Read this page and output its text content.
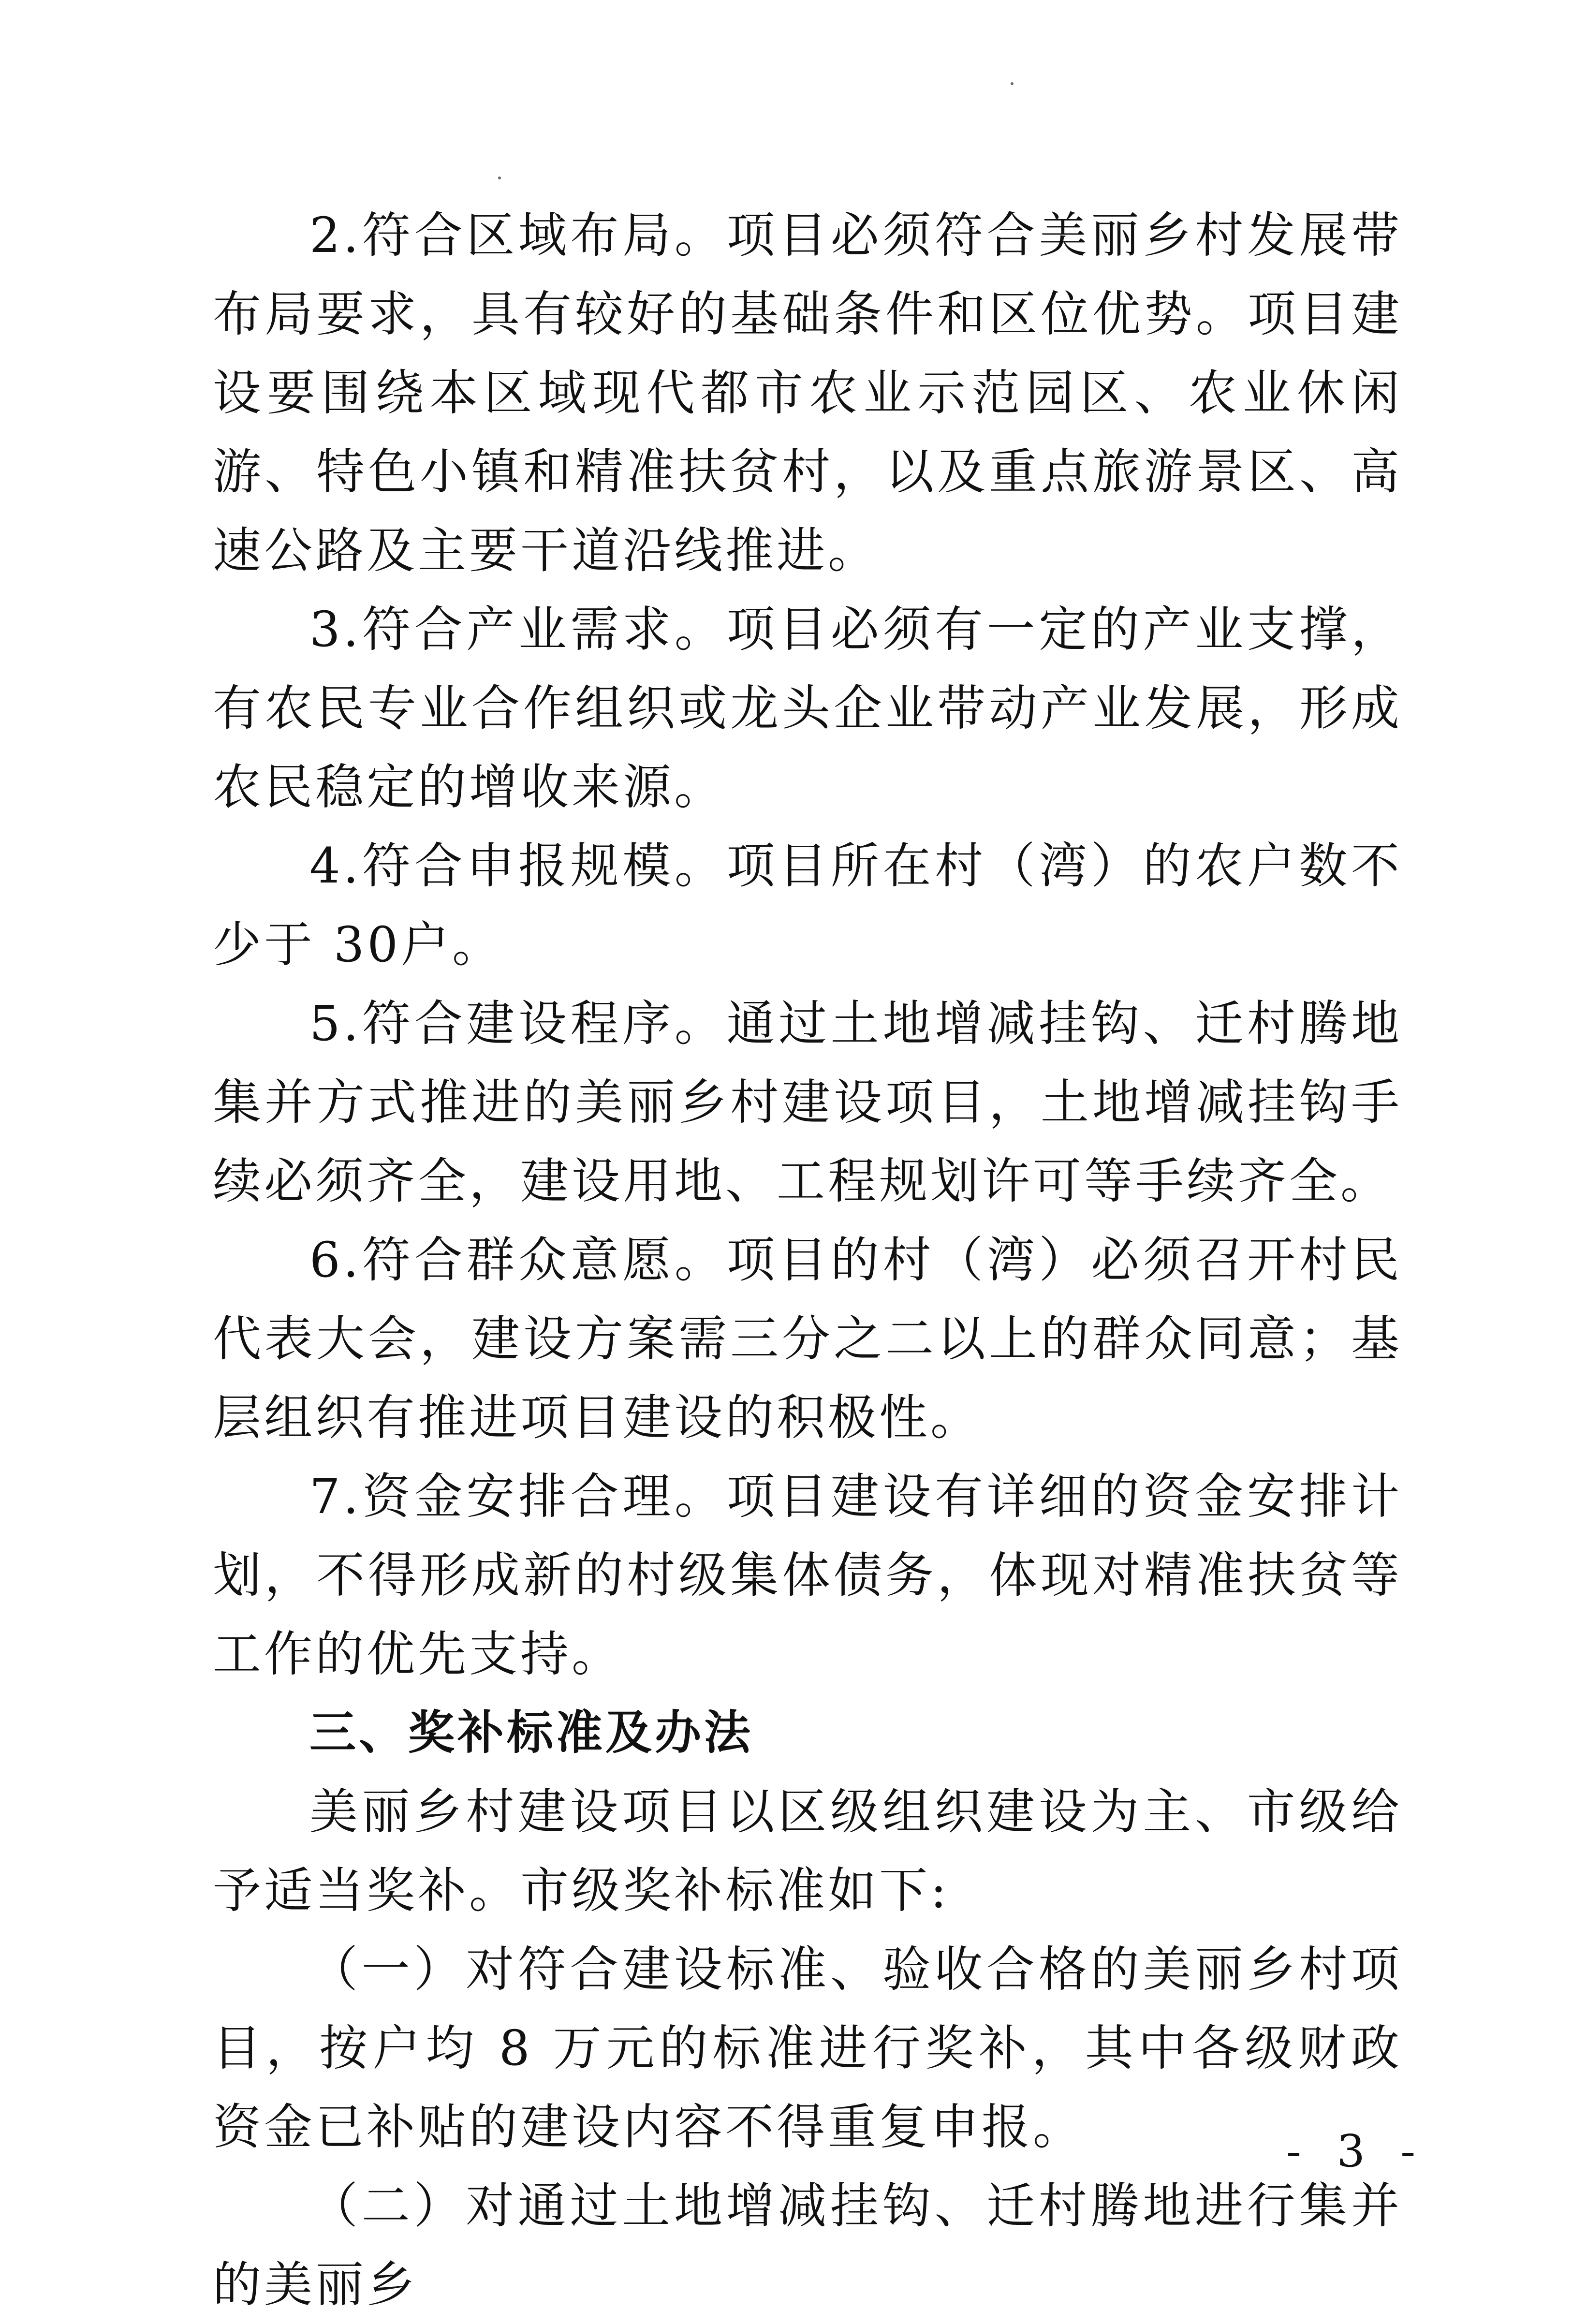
2.符合区域布局。项目必须符合美丽乡村发展带布局要求，具有较好的基础条件和区位优势。项目建设要围绕本区域现代都市农业示范园区、农业休闲游、特色小镇和精准扶贫村，以及重点旅游景区、高速公路及主要干道沿线推进。

3.符合产业需求。项目必须有一定的产业支撑，有农民专业合作组织或龙头企业带动产业发展，形成农民稳定的增收来源。

4.符合申报规模。项目所在村（湾）的农户数不少于 30户。

5.符合建设程序。通过土地增减挂钩、迁村腾地集并方式推进的美丽乡村建设项目，土地增减挂钩手续必须齐全，建设用地、工程规划许可等手续齐全。

6.符合群众意愿。项目的村（湾）必须召开村民代表大会，建设方案需三分之二以上的群众同意；基层组织有推进项目建设的积极性。

7.资金安排合理。项目建设有详细的资金安排计划，不得形成新的村级集体债务，体现对精准扶贫等工作的优先支持。

三、奖补标准及办法

美丽乡村建设项目以区级组织建设为主、市级给予适当奖补。市级奖补标准如下:

（一）对符合建设标准、验收合格的美丽乡村项目，按户均 8 万元的标准进行奖补，其中各级财政资金已补贴的建设内容不得重复申报。

（二）对通过土地增减挂钩、迁村腾地进行集并的美丽乡

- 3 -
